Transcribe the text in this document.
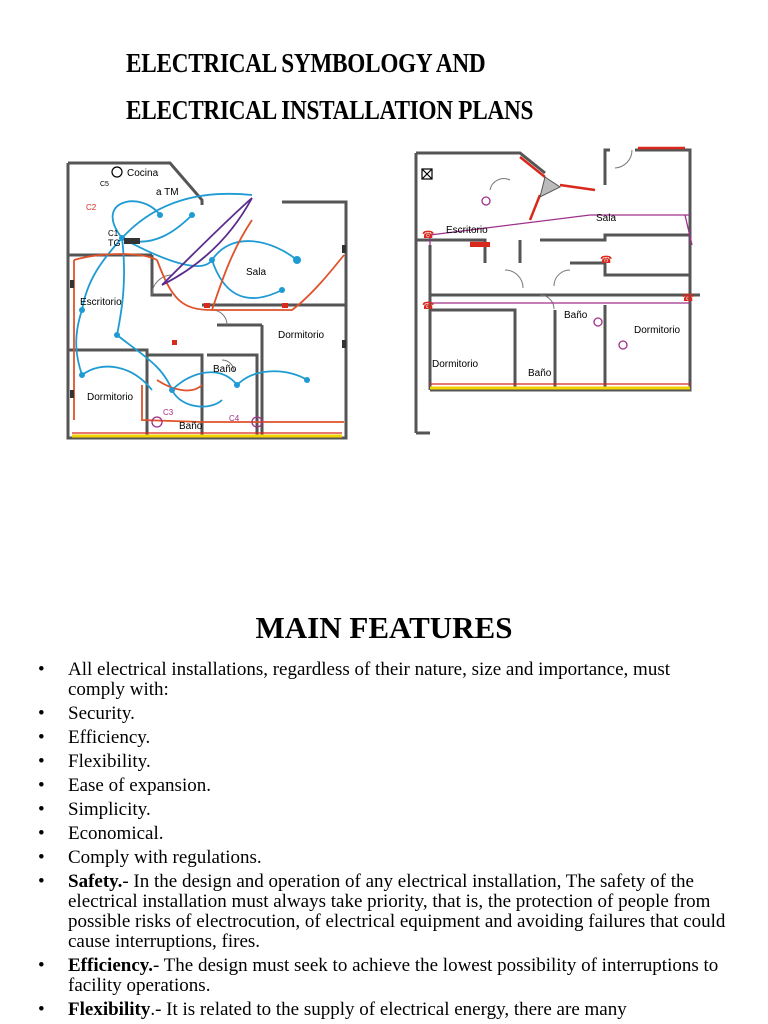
ELECTRICAL SYMBOLOGY AND
ELECTRICAL INSTALLATION PLANS
Cocina
a TM
C5
C2
C1
TG
Sala
Escritorio
Dormitorio
Baño
Dormitorio
C3
C4
Baño
☎
☎
☎
☎
Sala
Escritorio
Baño
Dormitorio
Dormitorio
Baño
MAIN FEATURES
• All electrical installations, regardless of their nature, size and importance, must comply with:
• Security.
• Efficiency.
• Flexibility.
• Ease of expansion.
• Simplicity.
• Economical.
• Comply with regulations.
• Safety.- In the design and operation of any electrical installation, The safety of the electrical installation must always take priority, that is, the protection of people from possible risks of electrocution, of electrical equipment and avoiding failures that could cause interruptions, fires.
• Efficiency.- The design must seek to achieve the lowest possibility of interruptions to facility operations.
• Flexibility.- It is related to the supply of electrical energy, there are many
